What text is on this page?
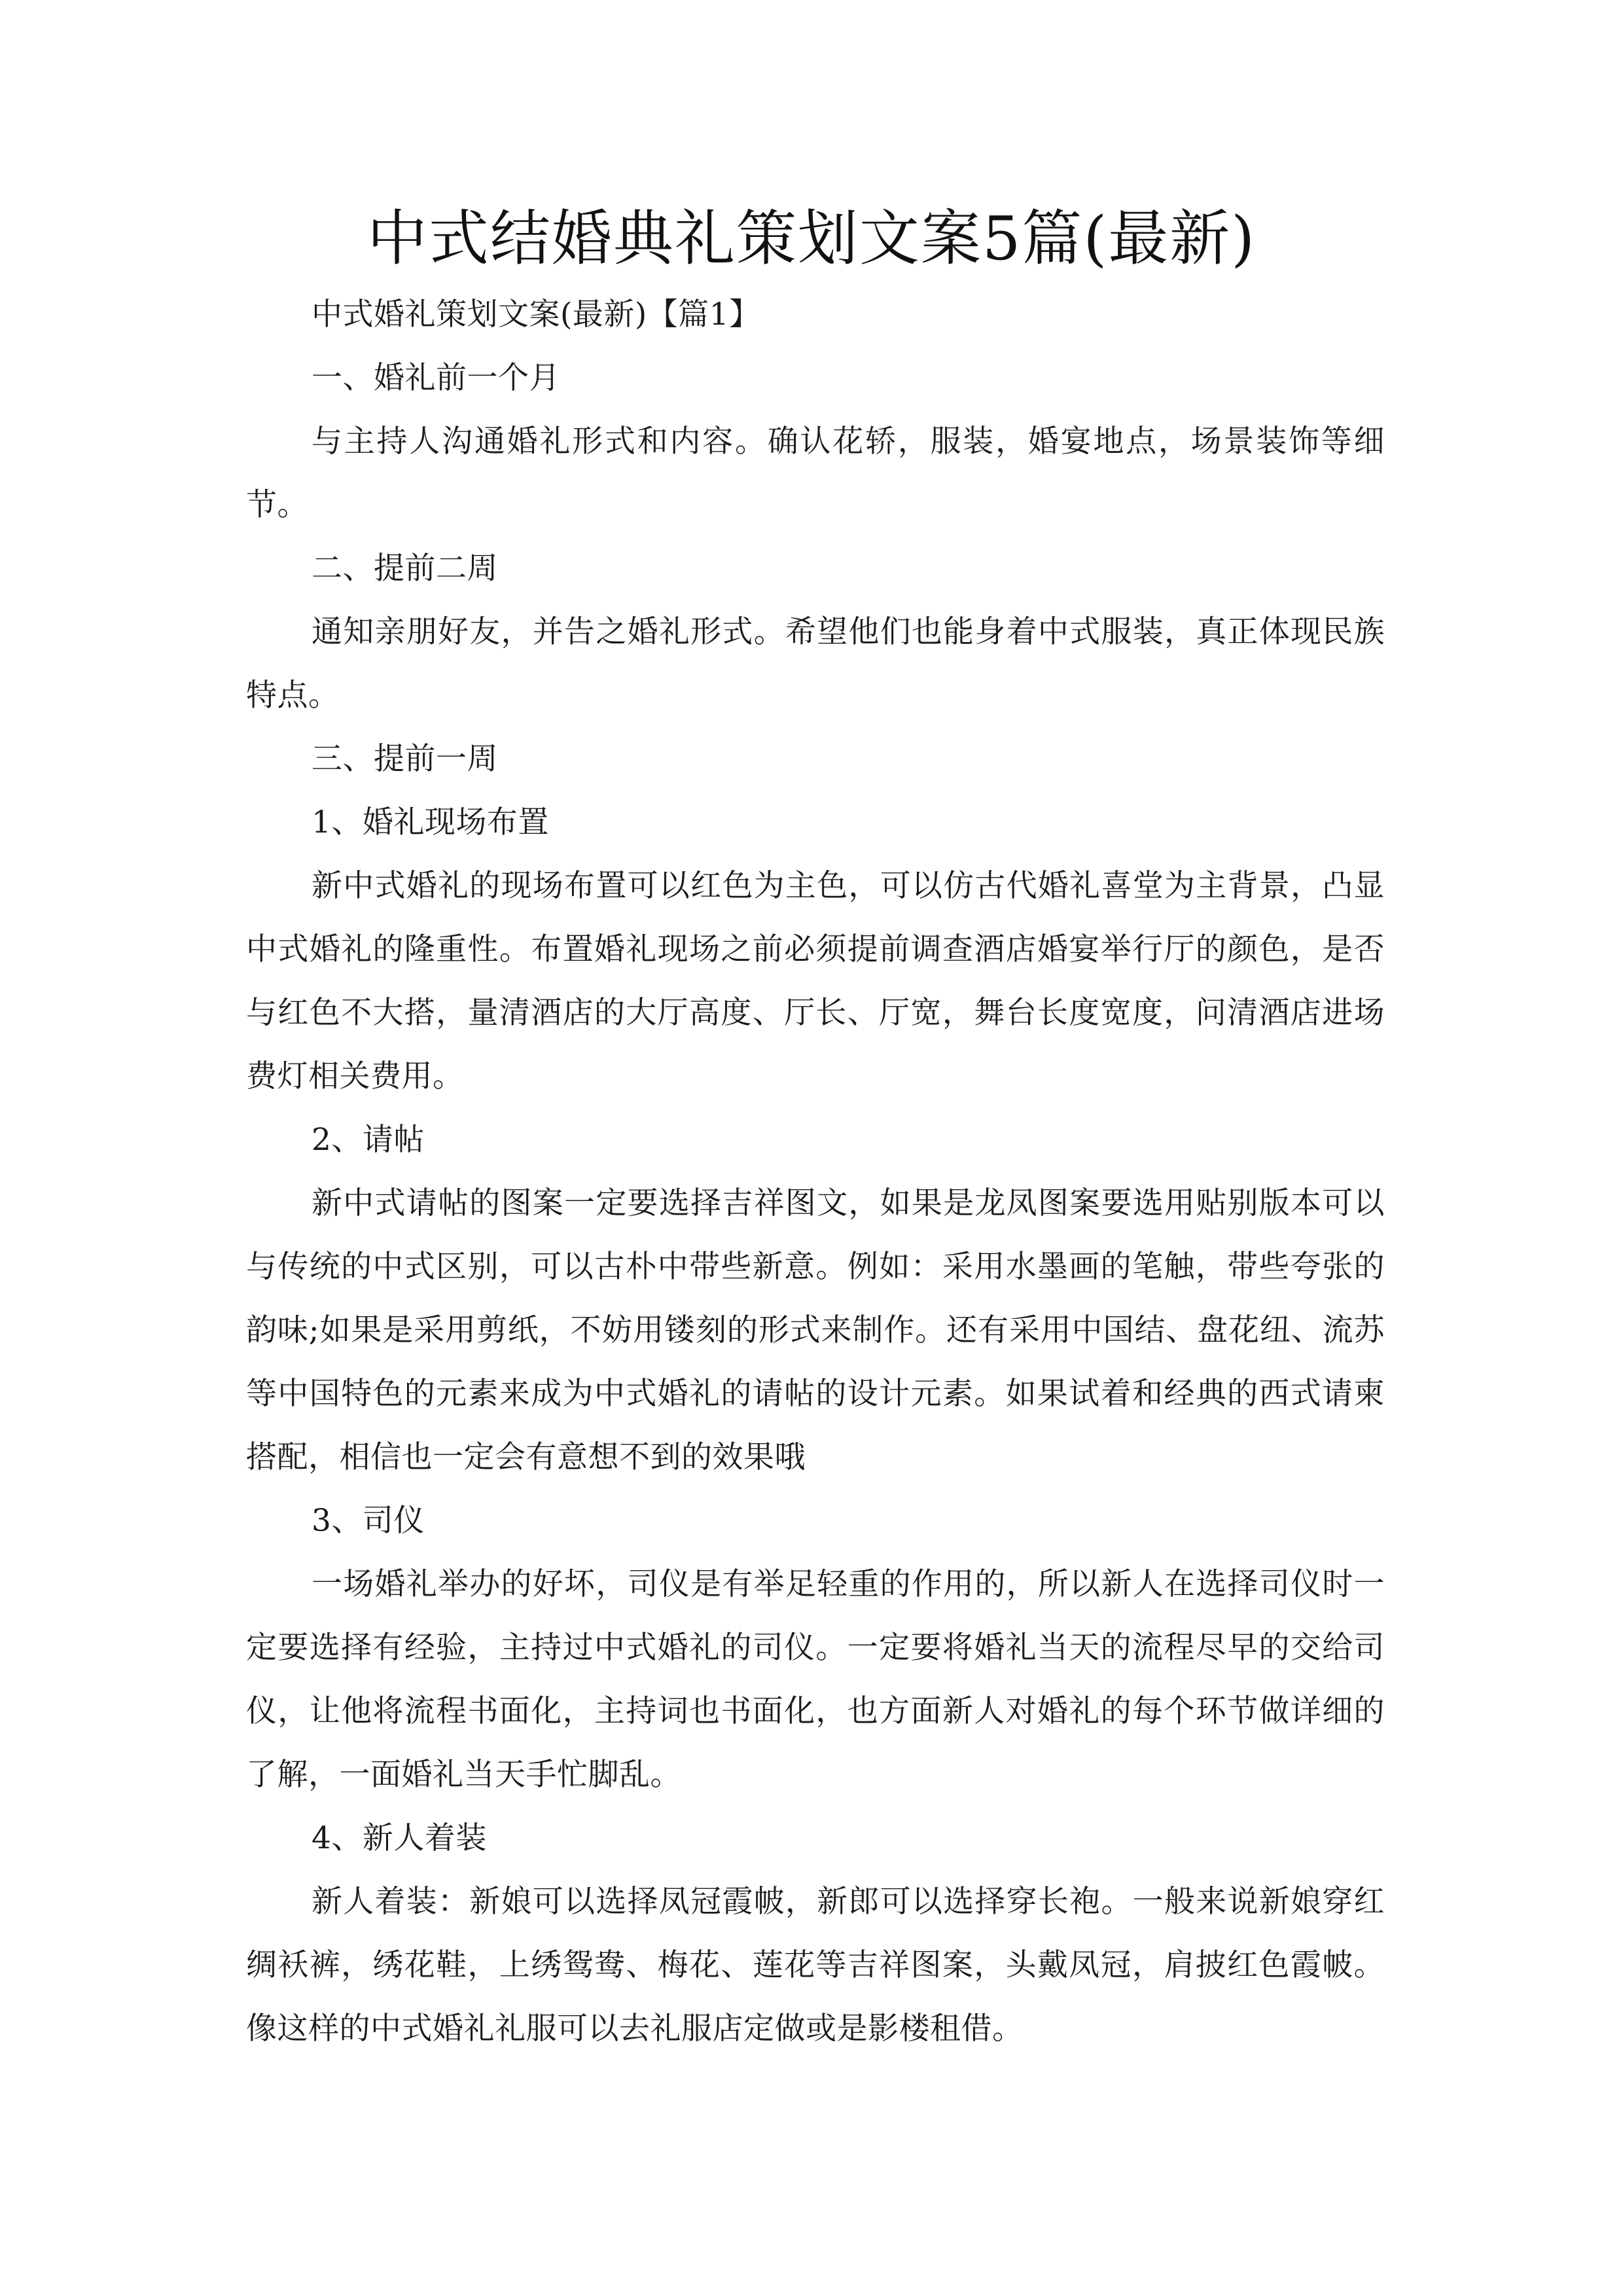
中式结婚典礼策划文案5篇(最新)

中式婚礼策划文案(最新)【篇1】

一、婚礼前一个月

与主持人沟通婚礼形式和内容。确认花轿，服装，婚宴地点，场景装饰等细节。

二、提前二周

通知亲朋好友，并告之婚礼形式。希望他们也能身着中式服装，真正体现民族特点。

三、提前一周

1、婚礼现场布置

新中式婚礼的现场布置可以红色为主色，可以仿古代婚礼喜堂为主背景，凸显中式婚礼的隆重性。布置婚礼现场之前必须提前调查酒店婚宴举行厅的颜色，是否与红色不大搭，量清酒店的大厅高度、厅长、厅宽，舞台长度宽度，问清酒店进场费灯相关费用。

2、请帖

新中式请帖的图案一定要选择吉祥图文，如果是龙凤图案要选用贴别版本可以与传统的中式区别，可以古朴中带些新意。例如：采用水墨画的笔触，带些夸张的韵味;如果是采用剪纸，不妨用镂刻的形式来制作。还有采用中国结、盘花纽、流苏等中国特色的元素来成为中式婚礼的请帖的设计元素。如果试着和经典的西式请柬搭配，相信也一定会有意想不到的效果哦

3、司仪

一场婚礼举办的好坏，司仪是有举足轻重的作用的，所以新人在选择司仪时一定要选择有经验，主持过中式婚礼的司仪。一定要将婚礼当天的流程尽早的交给司仪，让他将流程书面化，主持词也书面化，也方面新人对婚礼的每个环节做详细的了解，一面婚礼当天手忙脚乱。

4、新人着装

新人着装：新娘可以选择凤冠霞帔，新郎可以选择穿长袍。一般来说新娘穿红绸袄裤，绣花鞋，上绣鸳鸯、梅花、莲花等吉祥图案，头戴凤冠，肩披红色霞帔。像这样的中式婚礼礼服可以去礼服店定做或是影楼租借。
